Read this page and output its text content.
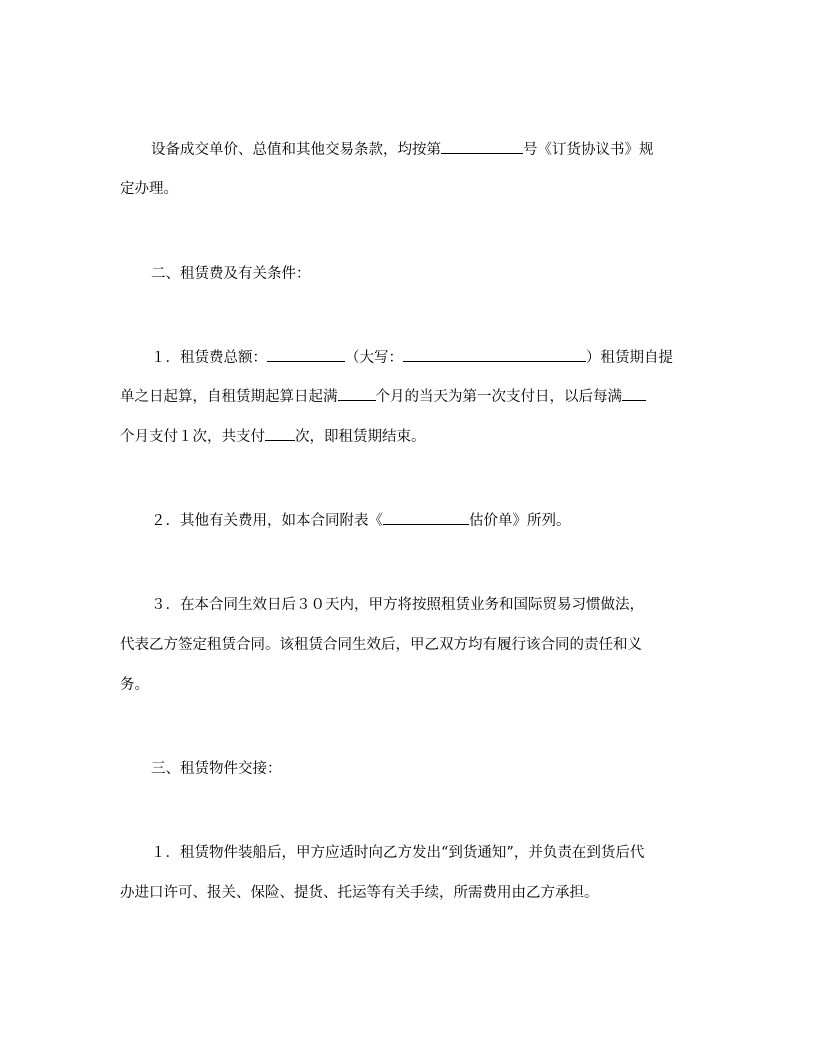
设备成交单价、总值和其他交易条款，均按第	号《订货协议书》规
定办理。
二、租赁费及有关条件：
１．租赁费总额：	（大写：	）租赁期自提
单之日起算，自租赁期起算日起满	个月的当天为第一次支付日，以后每满
个月支付１次，共支付 次，即租赁期结束。
２．其他有关费用，如本合同附表《	估价单》所列。
３．在本合同生效日后３０天内，甲方将按照租赁业务和国际贸易习惯做法，
代表乙方签定租赁合同。该租赁合同生效后，甲乙双方均有履行该合同的责任和义
务。
三、租赁物件交接：
１．租赁物件装船后，甲方应适时向乙方发出“到货通知”，并负责在到货后代
办进口许可、报关、保险、提货、托运等有关手续，所需费用由乙方承担。
